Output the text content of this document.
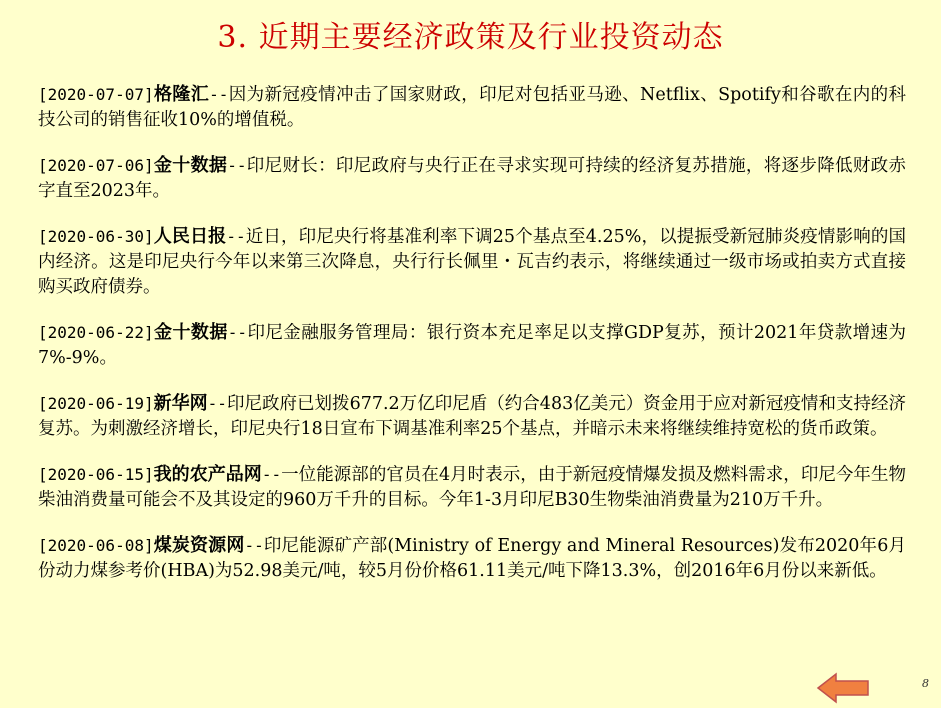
3. 近期主要经济政策及行业投资动态

[2020-07-07]格隆汇--因为新冠疫情冲击了国家财政，印尼对包括亚马逊、Netflix、Spotify和谷歌在内的科技公司的销售征收10%的增值税。

[2020-07-06]金十数据--印尼财长：印尼政府与央行正在寻求实现可持续的经济复苏措施，将逐步降低财政赤字直至2023年。

[2020-06-30]人民日报--近日，印尼央行将基准利率下调25个基点至4.25%，以提振受新冠肺炎疫情影响的国内经济。这是印尼央行今年以来第三次降息，央行行长佩里・瓦吉约表示，将继续通过一级市场或拍卖方式直接购买政府债券。

[2020-06-22]金十数据--印尼金融服务管理局：银行资本充足率足以支撑GDP复苏，预计2021年贷款增速为7%-9%。

[2020-06-19]新华网--印尼政府已划拨677.2万亿印尼盾（约合483亿美元）资金用于应对新冠疫情和支持经济复苏。为刺激经济增长，印尼央行18日宣布下调基准利率25个基点，并暗示未来将继续维持宽松的货币政策。

[2020-06-15]我的农产品网--一位能源部的官员在4月时表示，由于新冠疫情爆发损及燃料需求，印尼今年生物柴油消费量可能会不及其设定的960万千升的目标。今年1-3月印尼B30生物柴油消费量为210万千升。

[2020-06-08]煤炭资源网--印尼能源矿产部(Ministry of Energy and Mineral Resources)发布2020年6月份动力煤参考价(HBA)为52.98美元/吨，较5月份价格61.11美元/吨下降13.3%，创2016年6月份以来新低。

8
